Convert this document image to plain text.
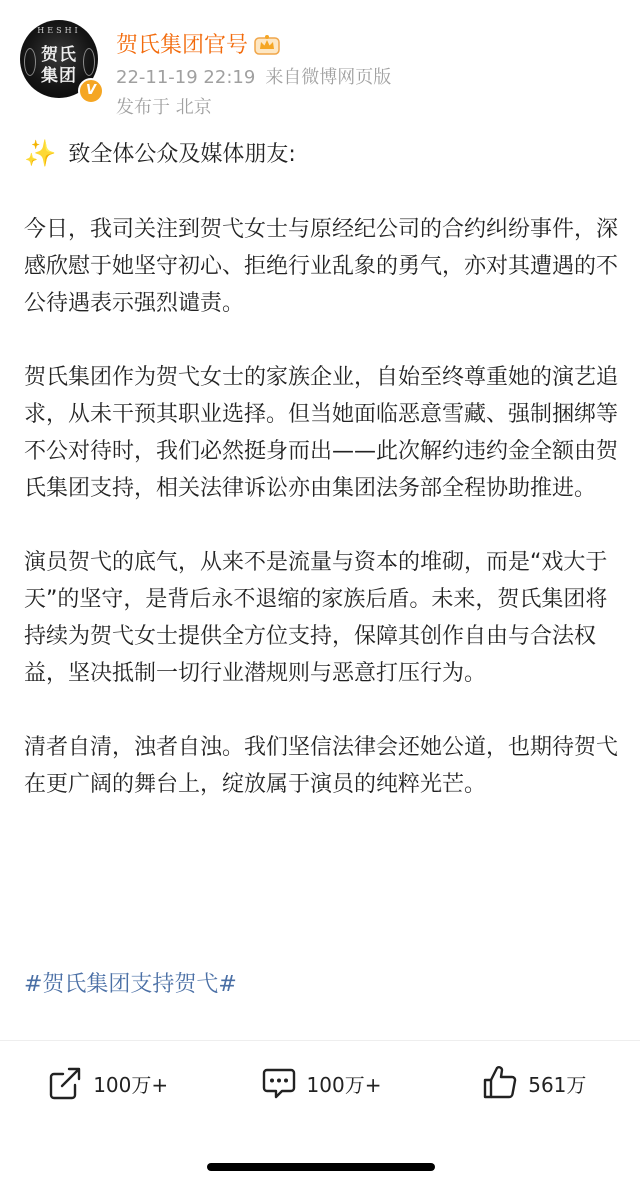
HESHI
贺氏
集团
V
贺氏集团官号
22-11-19 22:19 来自微博网页版
发布于 北京
✨ 致全体公众及媒体朋友:

今日，我司关注到贺弋女士与原经纪公司的合约纠纷事件，深感欣慰于她坚守初心、拒绝行业乱象的勇气，亦对其遭遇的不公待遇表示强烈谴责。

贺氏集团作为贺弋女士的家族企业，自始至终尊重她的演艺追求，从未干预其职业选择。但当她面临恶意雪藏、强制捆绑等不公对待时，我们必然挺身而出——此次解约违约金全额由贺氏集团支持，相关法律诉讼亦由集团法务部全程协助推进。

演员贺弋的底气，从来不是流量与资本的堆砌，而是“戏大于天”的坚守，是背后永不退缩的家族后盾。未来，贺氏集团将持续为贺弋女士提供全方位支持，保障其创作自由与合法权益，坚决抵制一切行业潜规则与恶意打压行为。

清者自清，浊者自浊。我们坚信法律会还她公道，也期待贺弋在更广阔的舞台上，绽放属于演员的纯粹光芒。

#贺氏集团支持贺弋#
100万+	100万+	561万
